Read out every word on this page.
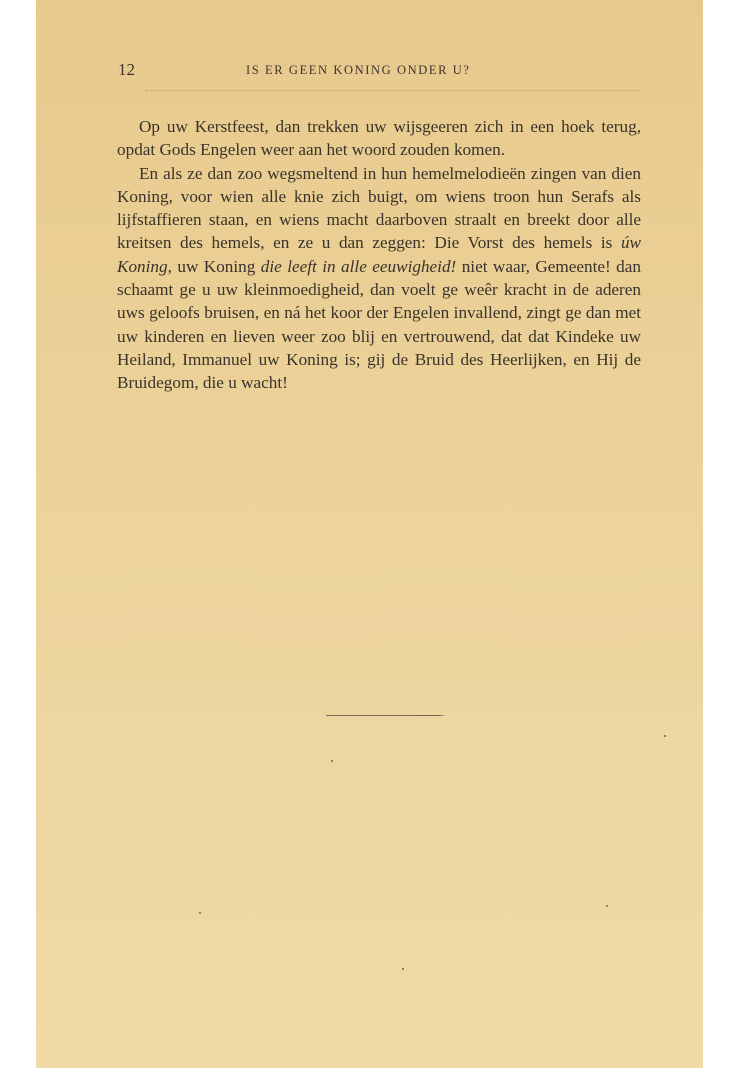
12	IS ER GEEN KONING ONDER U?

Op uw Kerstfeest, dan trekken uw wijsgeeren zich in een hoek terug, opdat Gods Engelen weer aan het woord zouden komen.

En als ze dan zoo wegsmeltend in hun hemelmelodieën zingen van dien Koning, voor wien alle knie zich buigt, om wiens troon hun Serafs als lijfstaffieren staan, en wiens macht daarboven straalt en breekt door alle kreitsen des hemels, en ze u dan zeggen: Die Vorst des hemels is úw Koning, uw Koning die leeft in alle eeuwigheid! niet waar, Gemeente! dan schaamt ge u uw kleinmoedigheid, dan voelt ge weêr kracht in de aderen uws geloofs bruisen, en ná het koor der Engelen invallend, zingt ge dan met uw kinderen en lieven weer zoo blij en vertrouwend, dat dat Kindeke uw Heiland, Immanuel uw Koning is; gij de Bruid des Heerlijken, en Hij de Bruidegom, die u wacht!
